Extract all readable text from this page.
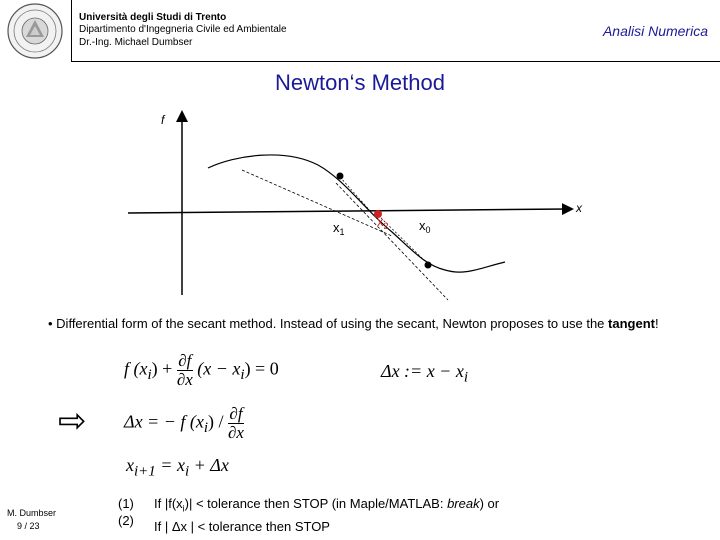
Università degli Studi di Trento
Dipartimento d'Ingegneria Civile ed Ambientale
Dr.-Ing. Michael Dumbser
Analisi Numerica
Newton‘s Method
f
x
$x_1$
$x_2$ $x_0$
• Differential form of the secant method. Instead of using the secant, Newton proposes to use the tangent!
f $(x_i) + \frac{\partial f}{\partial x} (x - x_i) = 0$	Δx := $x - x_i$
⇨ Δx = − f $(x_i) / \frac{\partial f}{\partial x}$
$x_{i+1} = x_i + \Delta x$
(1)
(2)
If $|f(x_i)|$ < tolerance then STOP (in Maple/MATLAB: break) or
If | Δx | < tolerance then STOP
M. Dumbser
9 / 23
